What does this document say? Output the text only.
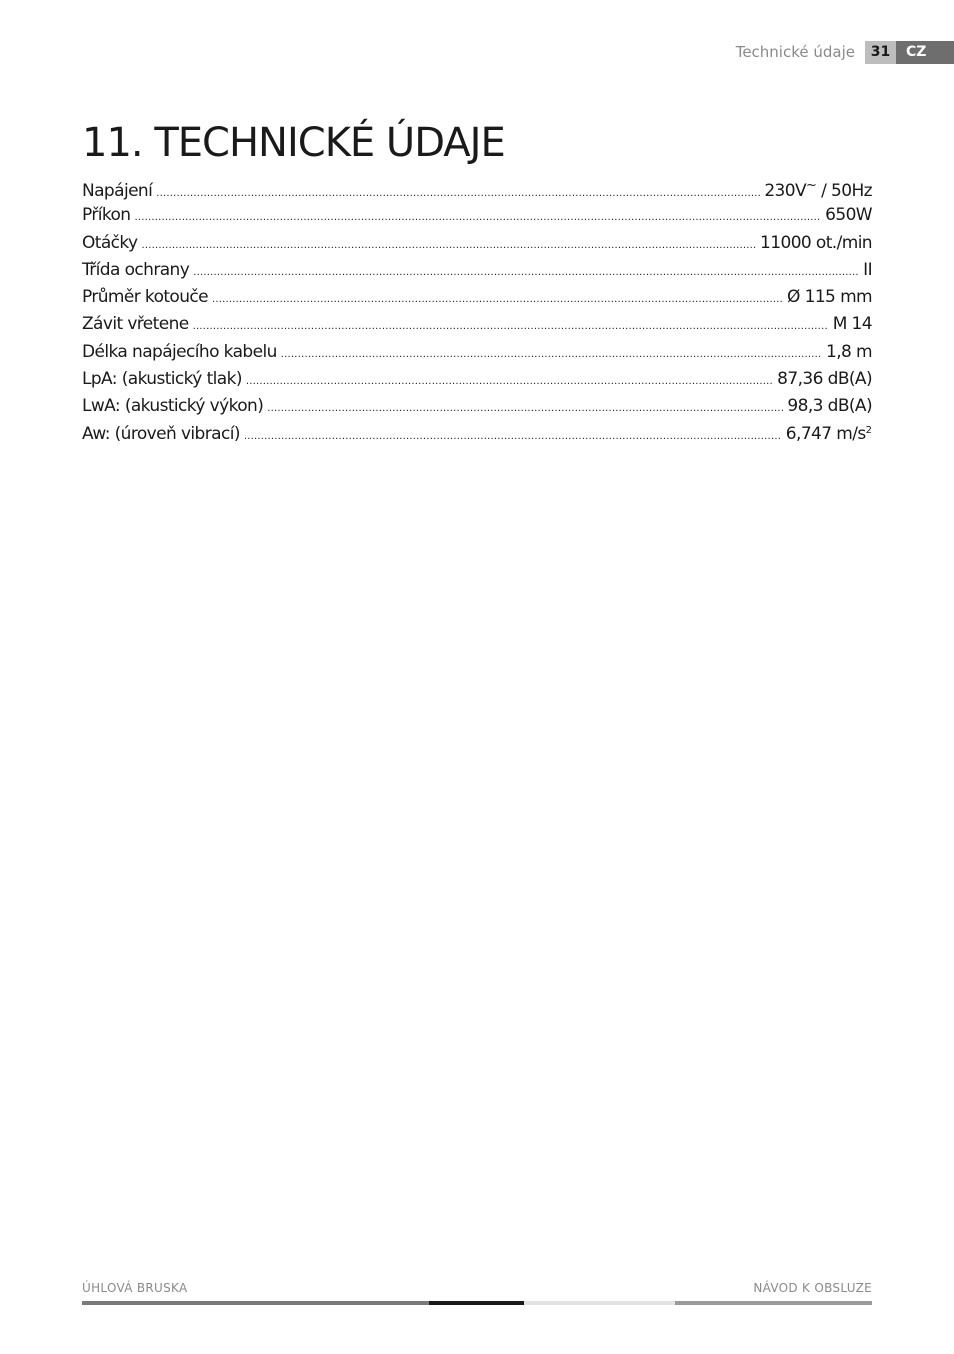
Technické údaje	31	CZ
11. TECHNICKÉ ÚDAJE
Napájení .....	230V~ / 50Hz
Příkon .....	650W
Otáčky .....	11000 ot./min
Třída ochrany .....	II
Průměr kotouče .....	Ø 115 mm
Závit vřetene .....	M 14
Délka napájecího kabelu .....	1,8 m
LpA: (akustický tlak) .....	87,36 dB(A)
LwA: (akustický výkon) .....	98,3 dB(A)
Aw: (úroveň vibrací) .....	6,747 $m/s^2$
ÚHLOVÁ BRUSKA	NÁVOD K OBSLUZE
